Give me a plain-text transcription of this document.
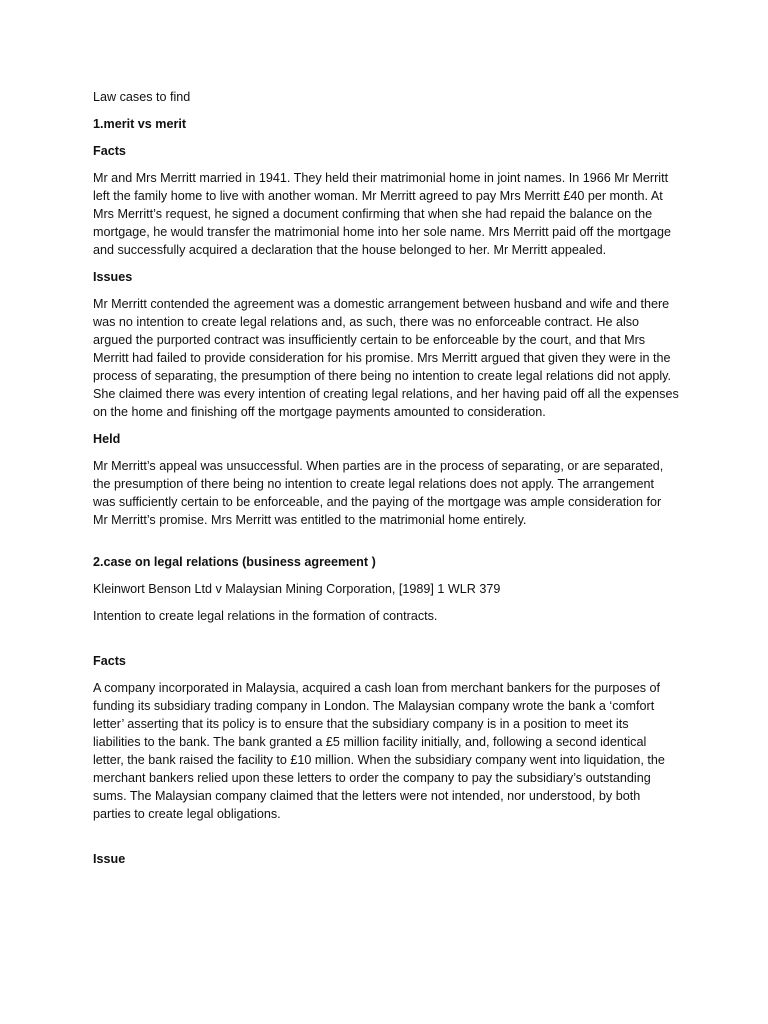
Law cases to find

1.merit vs merit

Facts

Mr and Mrs Merritt married in 1941. They held their matrimonial home in joint names. In 1966 Mr Merritt left the family home to live with another woman. Mr Merritt agreed to pay Mrs Merritt £40 per month. At Mrs Merritt’s request, he signed a document confirming that when she had repaid the balance on the mortgage, he would transfer the matrimonial home into her sole name. Mrs Merritt paid off the mortgage and successfully acquired a declaration that the house belonged to her. Mr Merritt appealed.

Issues

Mr Merritt contended the agreement was a domestic arrangement between husband and wife and there was no intention to create legal relations and, as such, there was no enforceable contract. He also argued the purported contract was insufficiently certain to be enforceable by the court, and that Mrs Merritt had failed to provide consideration for his promise. Mrs Merritt argued that given they were in the process of separating, the presumption of there being no intention to create legal relations did not apply. She claimed there was every intention of creating legal relations, and her having paid off all the expenses on the home and finishing off the mortgage payments amounted to consideration.

Held

Mr Merritt’s appeal was unsuccessful. When parties are in the process of separating, or are separated, the presumption of there being no intention to create legal relations does not apply. The arrangement was sufficiently certain to be enforceable, and the paying of the mortgage was ample consideration for Mr Merritt’s promise. Mrs Merritt was entitled to the matrimonial home entirely.

2.case on legal relations (business agreement )

Kleinwort Benson Ltd v Malaysian Mining Corporation, [1989] 1 WLR 379

Intention to create legal relations in the formation of contracts.

Facts

A company incorporated in Malaysia, acquired a cash loan from merchant bankers for the purposes of funding its subsidiary trading company in London. The Malaysian company wrote the bank a ‘comfort letter’ asserting that its policy is to ensure that the subsidiary company is in a position to meet its liabilities to the bank. The bank granted a £5 million facility initially, and, following a second identical letter, the bank raised the facility to £10 million. When the subsidiary company went into liquidation, the merchant bankers relied upon these letters to order the company to pay the subsidiary’s outstanding sums. The Malaysian company claimed that the letters were not intended, nor understood, by both parties to create legal obligations.

Issue
